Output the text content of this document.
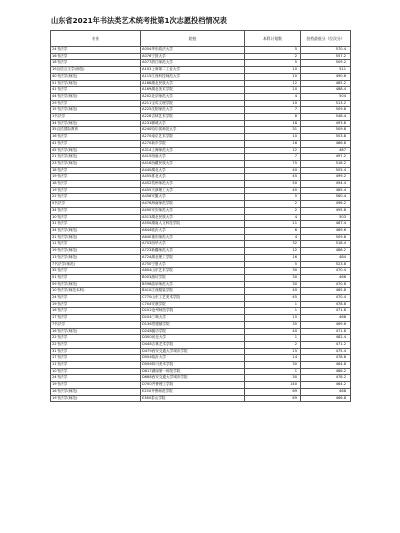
山东省2021年书法类艺术统考批第1次志愿投档情况表
专业	院校	本科计划数	投档最低分（位次分）
24书法学	A054华东政法大学	5	570.4
16书法学	A076宁波大学	2	557.2
18书法学	A077浙江师范大学	5	509.2
19汉语言文学(师范)	A103上海第二工业大学	10	511
40书法学(师范)	A115江西科技师范大学	10	490.6
51书法学(师范)	A166湖北民族大学	12	485.2
41书法学	A169湖北美术学院	10	488.4
44书法学(师范)	A202北京师范大学	4	504
29书法学	A211宝鸡文理学院	10	513.2
15书法学(师范)	A225沈阳师范大学	7	509.8
1书法学	A226吉林艺术学院	8	548.4
34书法学(师范)	A231聊城大学	16	493.8
35汉语国际教育	A240哈尔滨师范大学	31	509.8
16书法学	A270南京艺术学院	10	503.8
41书法学	A270新乡学院	16	486.8
45书法学(师范)	A314上海师范大学	12	487
21书法学(师范)	A415西南大学	7	497.2
23书法学(师范)	A416西藏民族大学	75	516.2
18书法学	A440湖北大学	40	505.4
19书法学	A455淮北大学	45	499.2
18书法学	A452杭州师范大学	50	494.4
19书法学	A455天津理工大学	40	485.4
22书法学	A458安徽大学	5	560.4
5书法学	A476海南师范学院	2	496.2
34书法学	A490安庆师范大学	2	495.8
10书法学	A513湖北民族大学	4	503
31书法学	A550湖南人文科技学院	11	487.4
34书法学(师范)	A644临沂大学	6	489.6
31书法学(师范)	A640重庆师范大学	4	509.8
11书法学	A703西华大学	32	518.4
19书法学(师范)	A723新疆师范大学	12	486.2
13书法学(师范)	A724湖北理工学院	16	484
7书法学(师范)	A750宁夏大学	5	523.8
35书法学	A804山东艺术学院	30	470.4
51书法学	B003潍坊学院	30	466
59书法学(师范)	B596曲阜师范大学	30	470.8
10书法学(师范本科)	B410江西服装学院	40	465.8
24书法学	C770山东工艺美术学院	45	470.4
19书法学	C704安康学院	1	478.8
16书法学	D102沧州师范学院	1	471.8
17书法学	D104三峡大学	15	468
7书法学	D136景德镇学院	35	469.6
16书法学(师范)	D248潍坊学院	40	471.8
22书法学	D300河北大学	1	482.4
22书法学	D448吉林艺术学院	2	471.2
31书法学	D479西安交通大学城市学院	15	475.4
17书法学	D504临沂大学	14	478.8
11书法学	D506四川美术学院	30	464.8
10书法学	D617湖南第一师范学院	1	486.2
24书法学	D688西安交通大学城市学院	30	478.2
19书法学	D700齐鲁理工学院	140	464.2
16书法学(师范)	E250齐鲁师范学院	69	468
19书法学(师范)	E360泰山学院	69	466.8
